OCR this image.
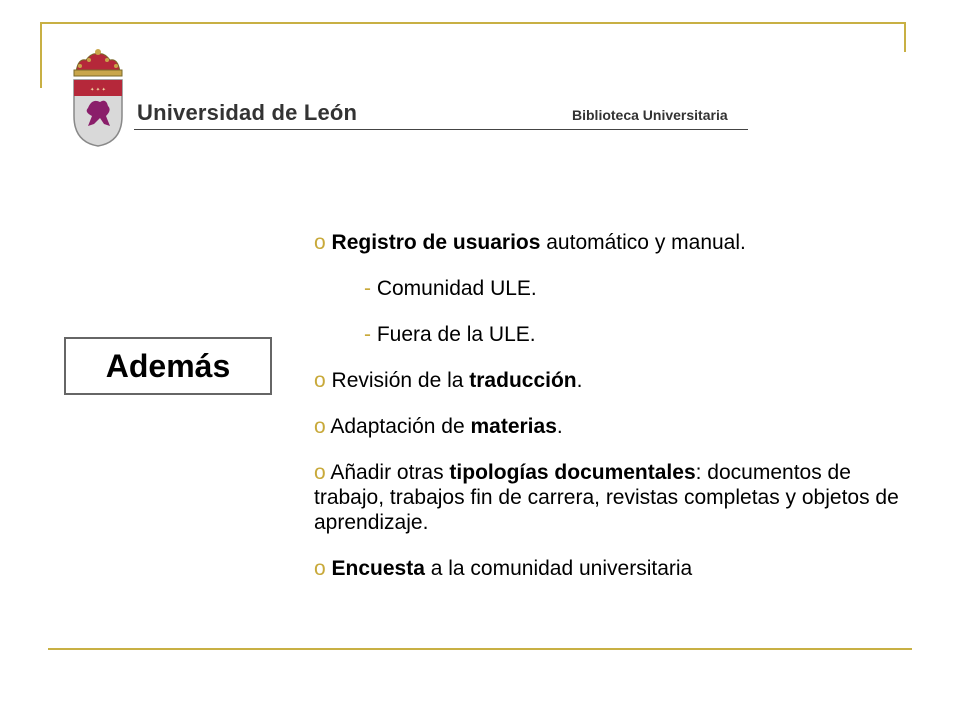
✦ ✦ ✦
Universidad de León	Biblioteca Universitaria
Además
o Registro de usuarios automático y manual.
- Comunidad ULE.
- Fuera de la ULE.
o Revisión de la traducción.
o Adaptación de materias.
o Añadir otras tipologías documentales: documentos de trabajo, trabajos fin de carrera, revistas completas y objetos de aprendizaje.
o Encuesta a la comunidad universitaria
